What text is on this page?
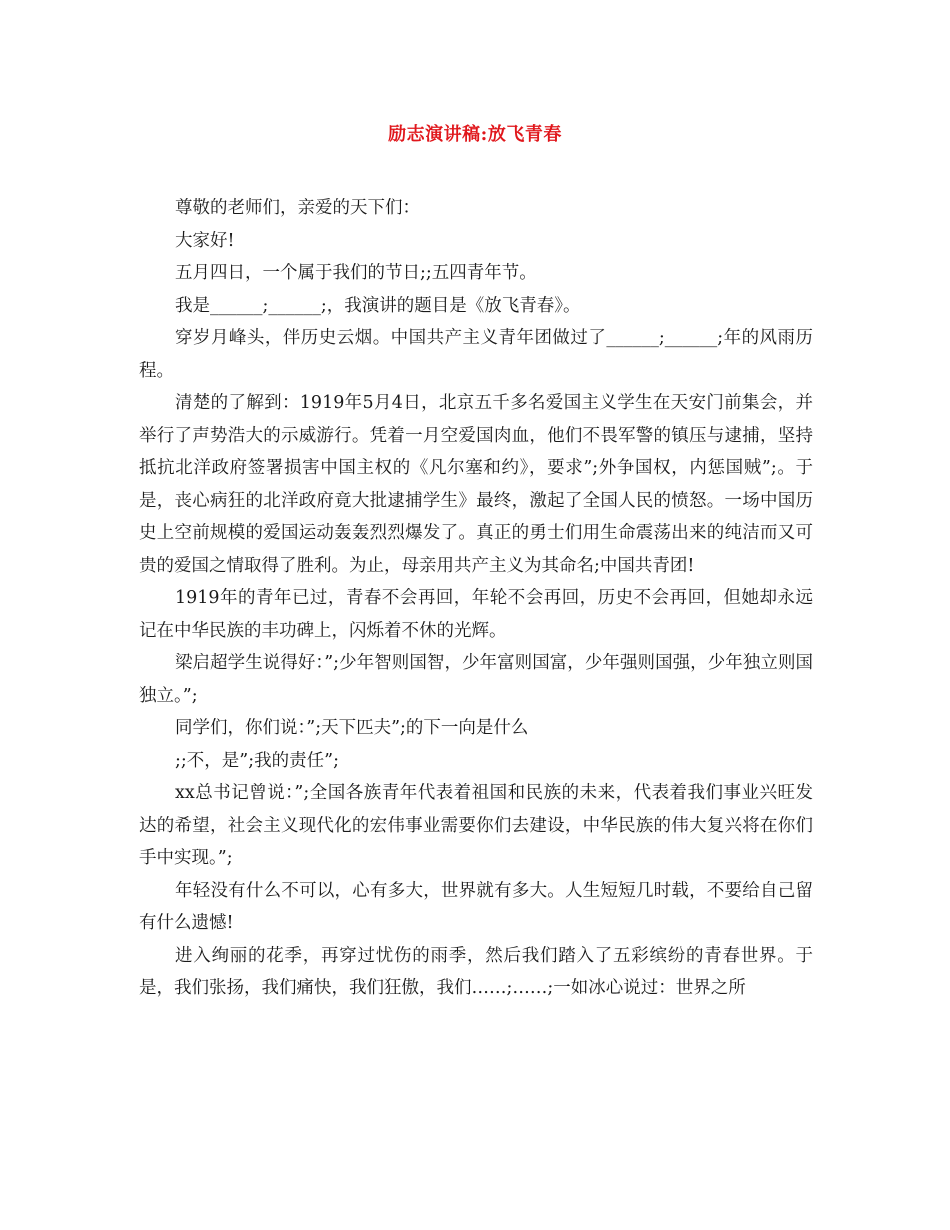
励志演讲稿:放飞青春

尊敬的老师们，亲爱的天下们：

大家好!

五月四日，一个属于我们的节日;;五四青年节。

我是______;______;，我演讲的题目是《放飞青春》。

穿岁月峰头，伴历史云烟。中国共产主义青年团做过了______;______;年的风雨历程。

清楚的了解到：1919年5月4日，北京五千多名爱国主义学生在天安门前集会，并举行了声势浩大的示威游行。凭着一月空爱国肉血，他们不畏军警的镇压与逮捕，坚持抵抗北洋政府签署损害中国主权的《凡尔塞和约》，要求”;外争国权，内惩国贼”;。于是，丧心病狂的北洋政府竟大批逮捕学生》最终，激起了全国人民的愤怒。一场中国历史上空前规模的爱国运动轰轰烈烈爆发了。真正的勇士们用生命震荡出来的纯洁而又可贵的爱国之情取得了胜利。为止，母亲用共产主义为其命名;中国共青团!

1919年的青年已过，青春不会再回，年轮不会再回，历史不会再回，但她却永远记在中华民族的丰功碑上，闪烁着不休的光辉。

梁启超学生说得好：”;少年智则国智，少年富则国富，少年强则国强，少年独立则国独立。”;

同学们，你们说：”;天下匹夫”;的下一向是什么

;;不，是”;我的责任”;

xx总书记曾说：”;全国各族青年代表着祖国和民族的未来，代表着我们事业兴旺发达的希望，社会主义现代化的宏伟事业需要你们去建设，中华民族的伟大复兴将在你们手中实现。”;

年轻没有什么不可以，心有多大，世界就有多大。人生短短几时载，不要给自己留有什么遗憾!

进入绚丽的花季，再穿过忧伤的雨季，然后我们踏入了五彩缤纷的青春世界。于是，我们张扬，我们痛快，我们狂傲，我们……;……;一如冰心说过：世界之所
